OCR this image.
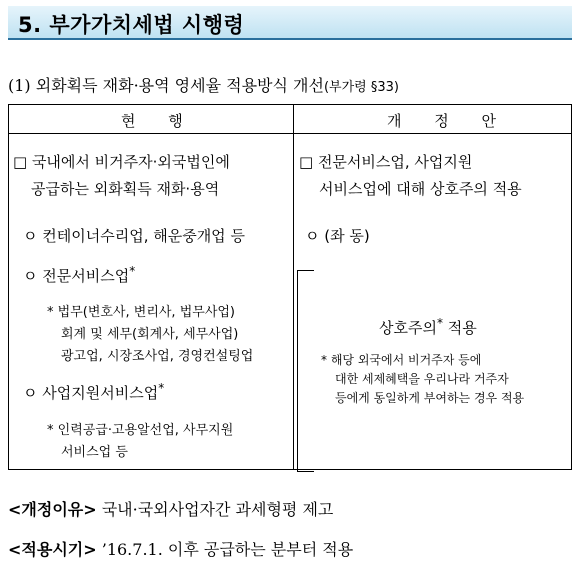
5. 부가가치세법 시행령
(1) 외화획득 재화·용역 영세율 적용방식 개선(부가령 §33)
현 행	개 정 안
□ 국내에서 비거주자·외국법인에
공급하는 외화획득 재화·용역
ㅇ 컨테이너수리업, 해운중개업 등
ㅇ 전문서비스업*
* 법무(변호사, 변리사, 법무사업)
회계 및 세무(회계사, 세무사업)
광고업, 시장조사업, 경영컨설팅업
ㅇ 사업지원서비스업*
* 인력공급·고용알선업, 사무지원
서비스업 등
□ 전문서비스업, 사업지원
서비스업에 대해 상호주의 적용
ㅇ (좌 동)
상호주의* 적용
* 해당 외국에서 비거주자 등에
대한 세제혜택을 우리나라 거주자
등에게 동일하게 부여하는 경우 적용
<개정이유> 국내·국외사업자간 과세형평 제고
<적용시기> ’16.7.1. 이후 공급하는 분부터 적용
